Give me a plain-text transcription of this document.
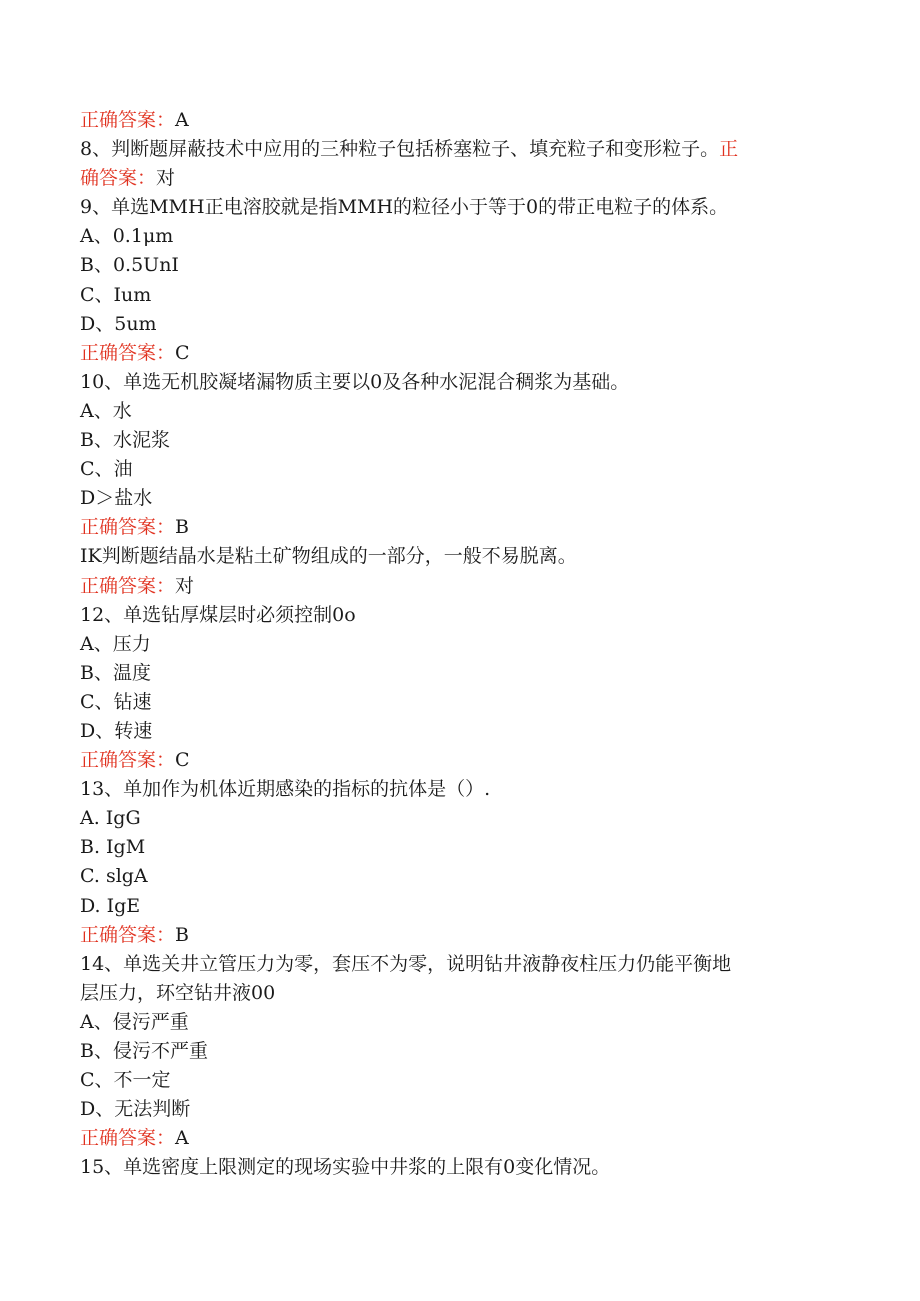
正确答案：A
8、判断题屏蔽技术中应用的三种粒子包括桥塞粒子、填充粒子和变形粒子。正
确答案：对
9、单选MMH正电溶胶就是指MMH的粒径小于等于0的带正电粒子的体系。
A、0.1μm
B、0.5UnI
C、Ium
D、5um
正确答案：C
10、单选无机胶凝堵漏物质主要以0及各种水泥混合稠浆为基础。
A、水
B、水泥浆
C、油
D＞盐水
正确答案：B
IK判断题结晶水是粘土矿物组成的一部分，一般不易脱离。
正确答案：对
12、单选钻厚煤层时必须控制0o
A、压力
B、温度
C、钻速
D、转速
正确答案：C
13、单加作为机体近期感染的指标的抗体是（）.
A. IgG
B. IgM
C. slgA
D. IgE
正确答案：B
14、单选关井立管压力为零，套压不为零，说明钻井液静夜柱压力仍能平衡地
层压力，环空钻井液00
A、侵污严重
B、侵污不严重
C、不一定
D、无法判断
正确答案：A
15、单选密度上限测定的现场实验中井浆的上限有0变化情况。
